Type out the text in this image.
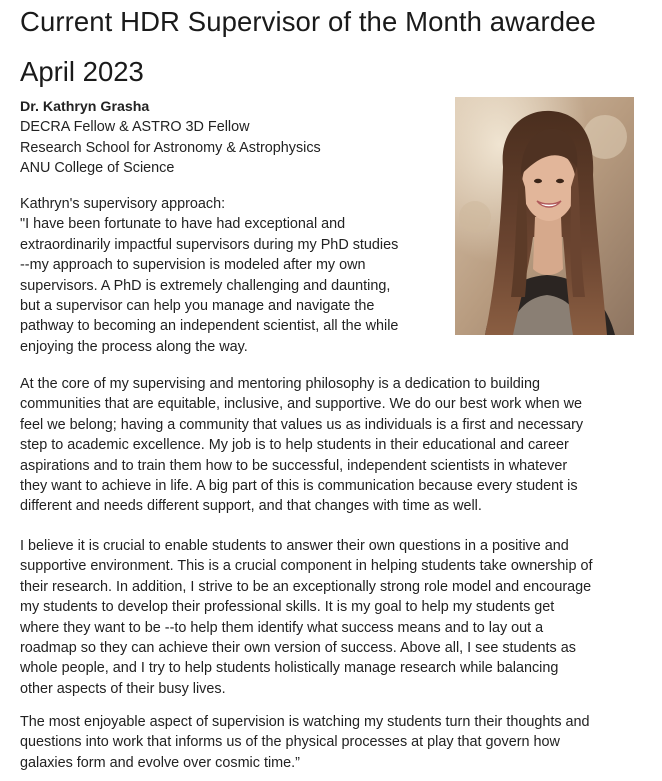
Current HDR Supervisor of the Month awardee
April 2023
Dr. Kathryn Grasha
DECRA Fellow & ASTRO 3D Fellow
Research School for Astronomy & Astrophysics
ANU College of Science
Kathryn's supervisory approach:
"I have been fortunate to have had exceptional and
extraordinarily impactful supervisors during my PhD studies
--my approach to supervision is modeled after my own
supervisors. A PhD is extremely challenging and daunting,
but a supervisor can help you manage and navigate the
pathway to becoming an independent scientist, all the while
enjoying the process along the way.
At the core of my supervising and mentoring philosophy is a dedication to building
communities that are equitable, inclusive, and supportive. We do our best work when we
feel we belong; having a community that values us as individuals is a first and necessary
step to academic excellence. My job is to help students in their educational and career
aspirations and to train them how to be successful, independent scientists in whatever
they want to achieve in life. A big part of this is communication because every student is
different and needs different support, and that changes with time as well.
I believe it is crucial to enable students to answer their own questions in a positive and
supportive environment. This is a crucial component in helping students take ownership of
their research. In addition, I strive to be an exceptionally strong role model and encourage
my students to develop their professional skills. It is my goal to help my students get
where they want to be --to help them identify what success means and to lay out a
roadmap so they can achieve their own version of success. Above all, I see students as
whole people, and I try to help students holistically manage research while balancing
other aspects of their busy lives.
The most enjoyable aspect of supervision is watching my students turn their thoughts and
questions into work that informs us of the physical processes at play that govern how
galaxies form and evolve over cosmic time.”
